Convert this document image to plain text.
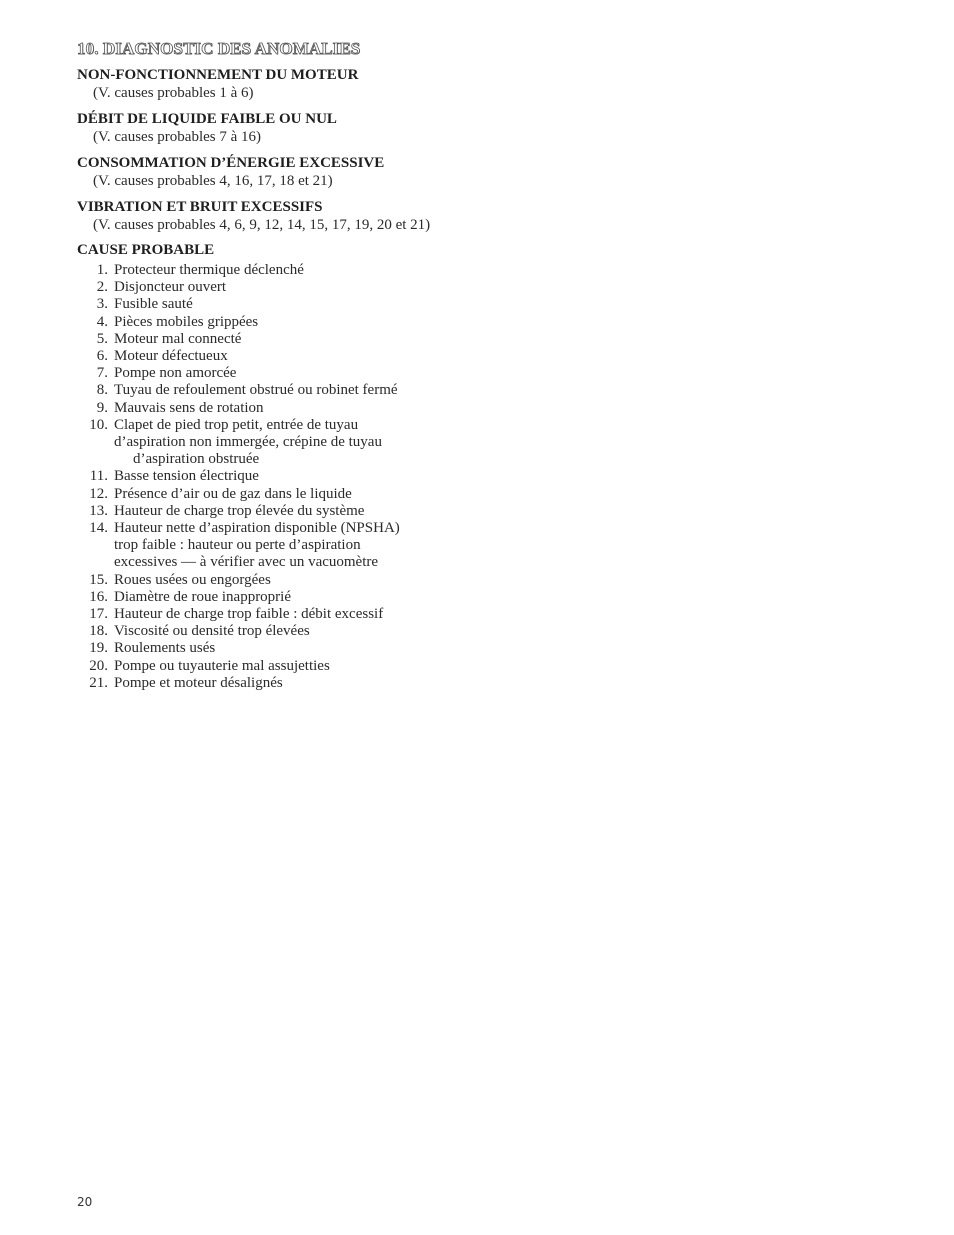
10. DIAGNOSTIC DES ANOMALIES
NON-FONCTIONNEMENT DU MOTEUR
(V. causes probables 1 à 6)
DÉBIT DE LIQUIDE FAIBLE OU NUL
(V. causes probables 7 à 16)
CONSOMMATION D’ÉNERGIE EXCESSIVE
(V. causes probables 4, 16, 17, 18 et 21)
VIBRATION ET BRUIT EXCESSIFS
(V. causes probables 4, 6, 9, 12, 14, 15, 17, 19, 20 et 21)
CAUSE PROBABLE
1. Protecteur thermique déclenché
2. Disjoncteur ouvert
3. Fusible sauté
4. Pièces mobiles grippées
5. Moteur mal connecté
6. Moteur défectueux
7. Pompe non amorcée
8. Tuyau de refoulement obstrué ou robinet fermé
9. Mauvais sens de rotation
10. Clapet de pied trop petit, entrée de tuyau
d’aspiration non immergée, crépine de tuyau
d’aspiration obstruée
11. Basse tension électrique
12. Présence d’air ou de gaz dans le liquide
13. Hauteur de charge trop élevée du système
14. Hauteur nette d’aspiration disponible (NPSHA)
trop faible : hauteur ou perte d’aspiration
excessives — à vérifier avec un vacuomètre
15. Roues usées ou engorgées
16. Diamètre de roue inapproprié
17. Hauteur de charge trop faible : débit excessif
18. Viscosité ou densité trop élevées
19. Roulements usés
20. Pompe ou tuyauterie mal assujetties
21. Pompe et moteur désalignés
20
